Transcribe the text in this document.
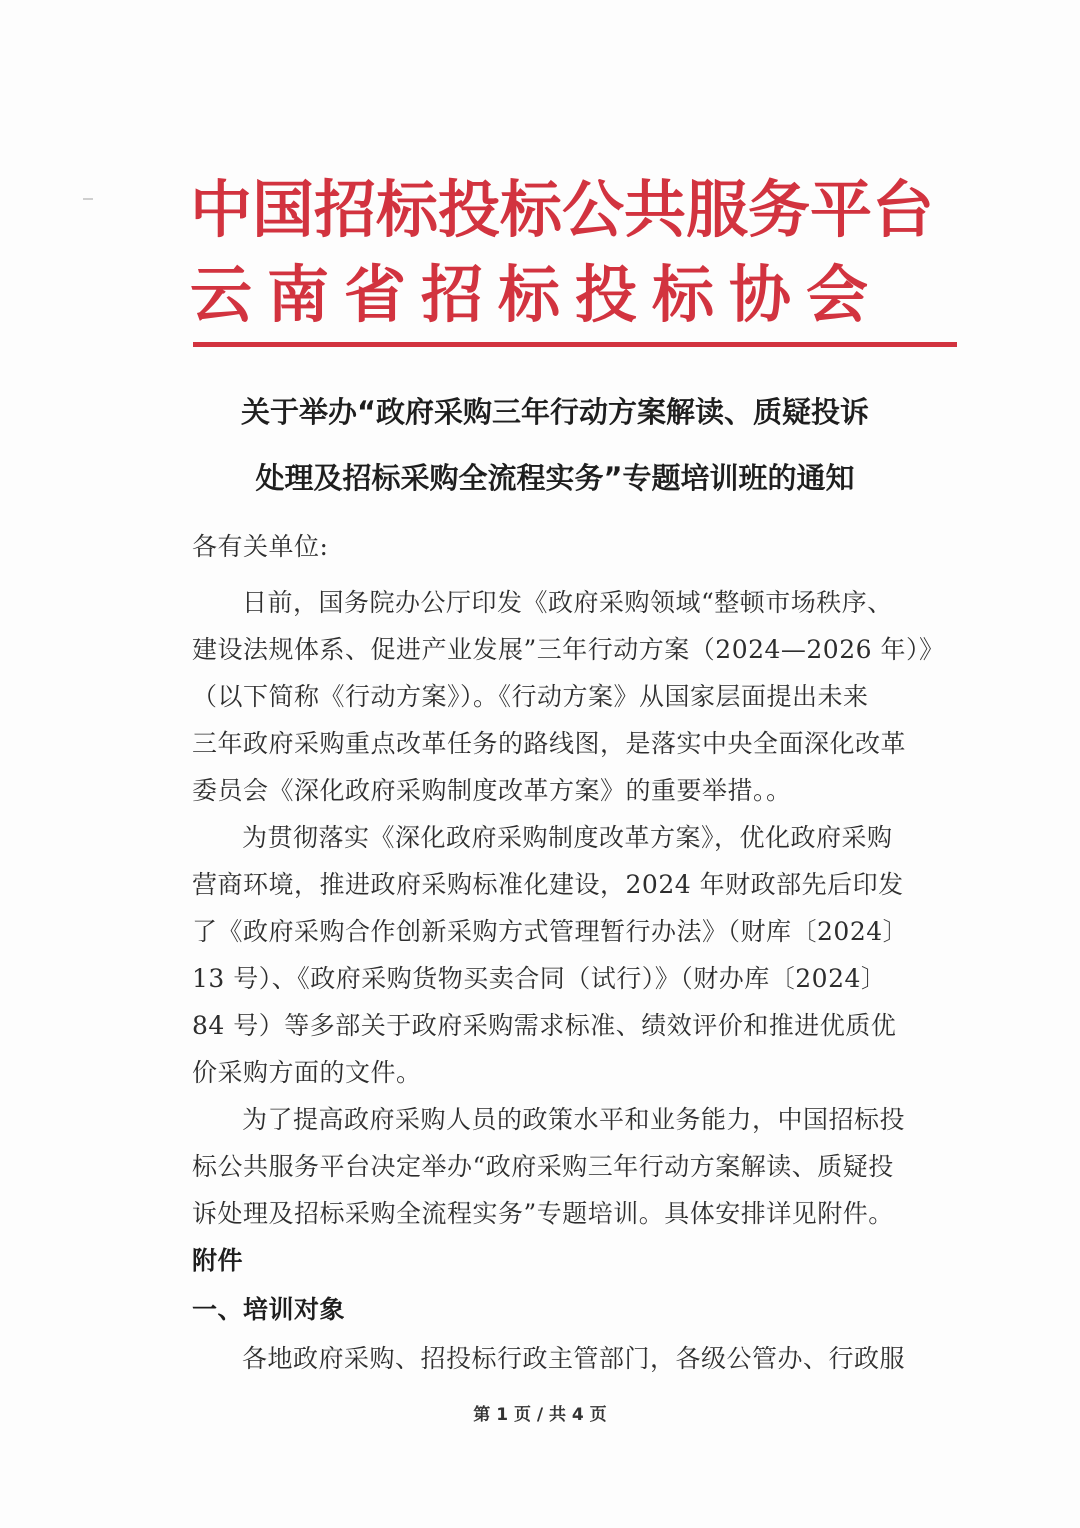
中国招标投标公共服务平台
云南省招标投标协会
关于举办“政府采购三年行动方案解读、质疑投诉
处理及招标采购全流程实务”专题培训班的通知
各有关单位:
日前，国务院办公厅印发《政府采购领域“整顿市场秩序、
建设法规体系、促进产业发展”三年行动方案（2024—2026 年）》
（以下简称《行动方案》）。《行动方案》从国家层面提出未来
三年政府采购重点改革任务的路线图，是落实中央全面深化改革
委员会《深化政府采购制度改革方案》的重要举措。。
为贯彻落实《深化政府采购制度改革方案》，优化政府采购
营商环境，推进政府采购标准化建设，2024 年财政部先后印发
了《政府采购合作创新采购方式管理暂行办法》（财库〔2024〕
13 号）、《政府采购货物买卖合同（试行）》（财办库〔2024〕
84 号）等多部关于政府采购需求标准、绩效评价和推进优质优
价采购方面的文件。
为了提高政府采购人员的政策水平和业务能力，中国招标投
标公共服务平台决定举办“政府采购三年行动方案解读、质疑投
诉处理及招标采购全流程实务”专题培训。具体安排详见附件。
附件
一、培训对象
各地政府采购、招投标行政主管部门，各级公管办、行政服
第 1 页 / 共 4 页
